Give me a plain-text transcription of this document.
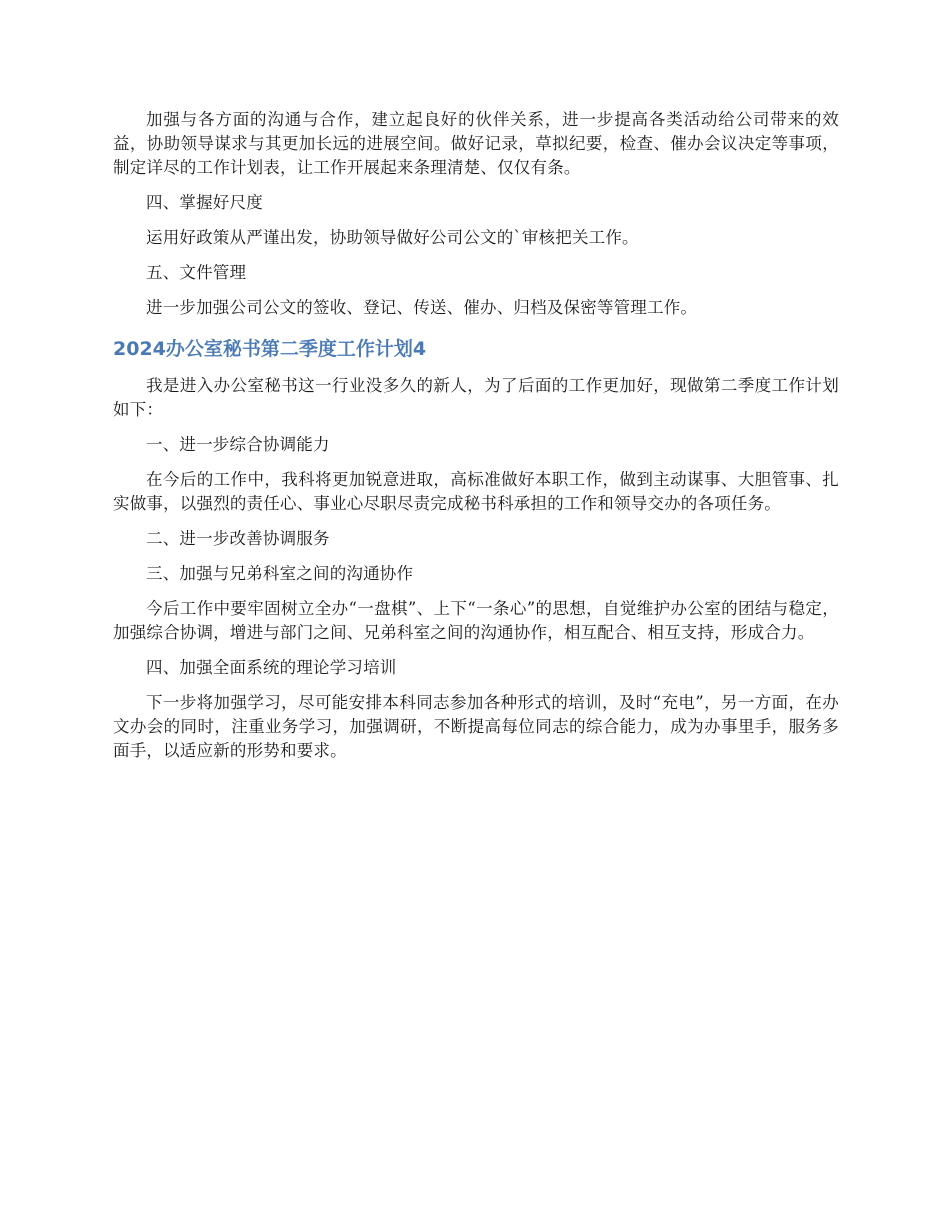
加强与各方面的沟通与合作，建立起良好的伙伴关系，进一步提高各类活动给公司带来的效益，协助领导谋求与其更加长远的进展空间。做好记录，草拟纪要，检查、催办会议决定等事项，制定详尽的工作计划表，让工作开展起来条理清楚、仅仅有条。

四、掌握好尺度

运用好政策从严谨出发，协助领导做好公司公文的`审核把关工作。

五、文件管理

进一步加强公司公文的签收、登记、传送、催办、归档及保密等管理工作。

2024办公室秘书第二季度工作计划4

我是进入办公室秘书这一行业没多久的新人，为了后面的工作更加好，现做第二季度工作计划如下：

一、进一步综合协调能力

在今后的工作中，我科将更加锐意进取，高标准做好本职工作，做到主动谋事、大胆管事、扎实做事，以强烈的责任心、事业心尽职尽责完成秘书科承担的工作和领导交办的各项任务。

二、进一步改善协调服务

三、加强与兄弟科室之间的沟通协作

今后工作中要牢固树立全办“一盘棋”、上下“一条心”的思想，自觉维护办公室的团结与稳定，加强综合协调，增进与部门之间、兄弟科室之间的沟通协作，相互配合、相互支持，形成合力。

四、加强全面系统的理论学习培训

下一步将加强学习，尽可能安排本科同志参加各种形式的培训，及时“充电”，另一方面，在办文办会的同时，注重业务学习，加强调研，不断提高每位同志的综合能力，成为办事里手，服务多面手，以适应新的形势和要求。
